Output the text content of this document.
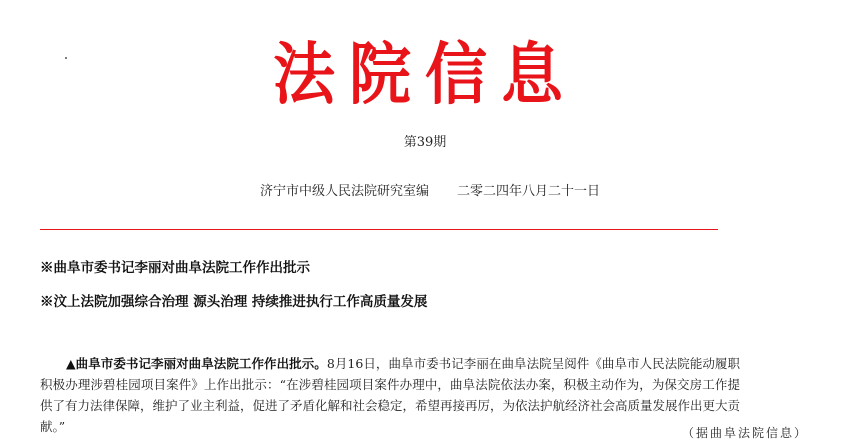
法院信息
第39期
济宁市中级人民法院研究室编 二零二四年八月二十一日
※曲阜市委书记李丽对曲阜法院工作作出批示
※汶上法院加强综合治理 源头治理 持续推进执行工作高质量发展

▲曲阜市委书记李丽对曲阜法院工作作出批示。8月16日，曲阜市委书记李丽在曲阜法院呈阅件《曲阜市人民法院能动履职积极办理涉碧桂园项目案件》上作出批示：“在涉碧桂园项目案件办理中，曲阜法院依法办案，积极主动作为，为保交房工作提供了有力法律保障，维护了业主利益，促进了矛盾化解和社会稳定，希望再接再厉，为依法护航经济社会高质量发展作出更大贡献。”	（据曲阜法院信息）
